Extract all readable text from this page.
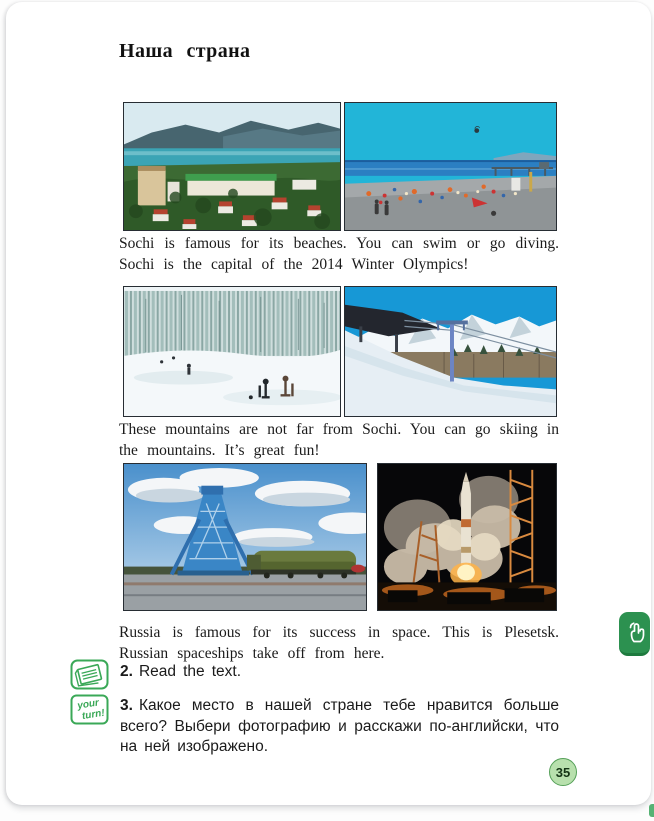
Наша страна

Sochi is famous for its beaches. You can swim or go diving. Sochi is the capital of the 2014 Winter Olympics!

These mountains are not far from Sochi. You can go skiing in the mountains. It’s great fun!

Russia is famous for its success in space. This is Plesetsk. Russian spaceships take off from here.

2. Read the text.

your
turn!

3. Какое место в нашей стране тебе нравится больше всего? Выбери фотографию и расскажи по-английски, что на ней изображено.

35
